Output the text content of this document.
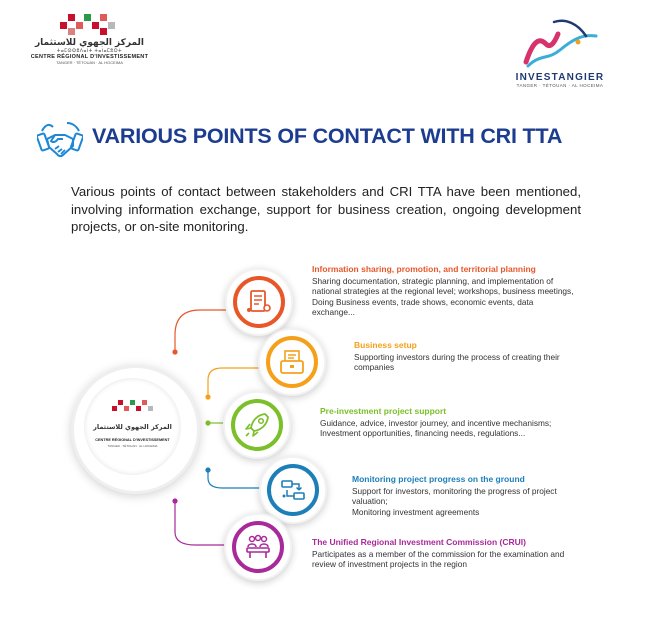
المركز الجهوي للاستثمار
ⵜⴰⵎⵙⵙⵓⴷⴰⵏⵜ ⵜⴰⵏⴰⵎⵓⵔⵜ
CENTRE RÉGIONAL D'INVESTISSEMENT
TANGER · TÉTOUAN · AL HOCEIMA
INVESTANGIER
TANGER · TÉTOUAN · AL HOCEIMA
VARIOUS POINTS OF CONTACT WITH CRI TTA
Various points of contact between stakeholders and CRI TTA have been mentioned, involving information exchange, support for business creation, ongoing development projects, or on-site monitoring.
المركز الجهوي للاستثمار
CENTRE RÉGIONAL D'INVESTISSEMENT
TANGER · TÉTOUAN · AL HOCEIMA
Information sharing, promotion, and territorial planning
Sharing documentation, strategic planning, and implementation of national strategies at the regional level; workshops, business meetings, Doing Business events, trade shows, economic events, data exchange...
Business setup
Supporting investors during the process of creating their companies
Pre-investment project support
Guidance, advice, investor journey, and incentive mechanisms; Investment opportunities, financing needs, regulations...
Monitoring project progress on the ground
Support for investors, monitoring the progress of project valuation;
Monitoring investment agreements
The Unified Regional Investment Commission (CRUI)
Participates as a member of the commission for the examination and review of investment projects in the region
